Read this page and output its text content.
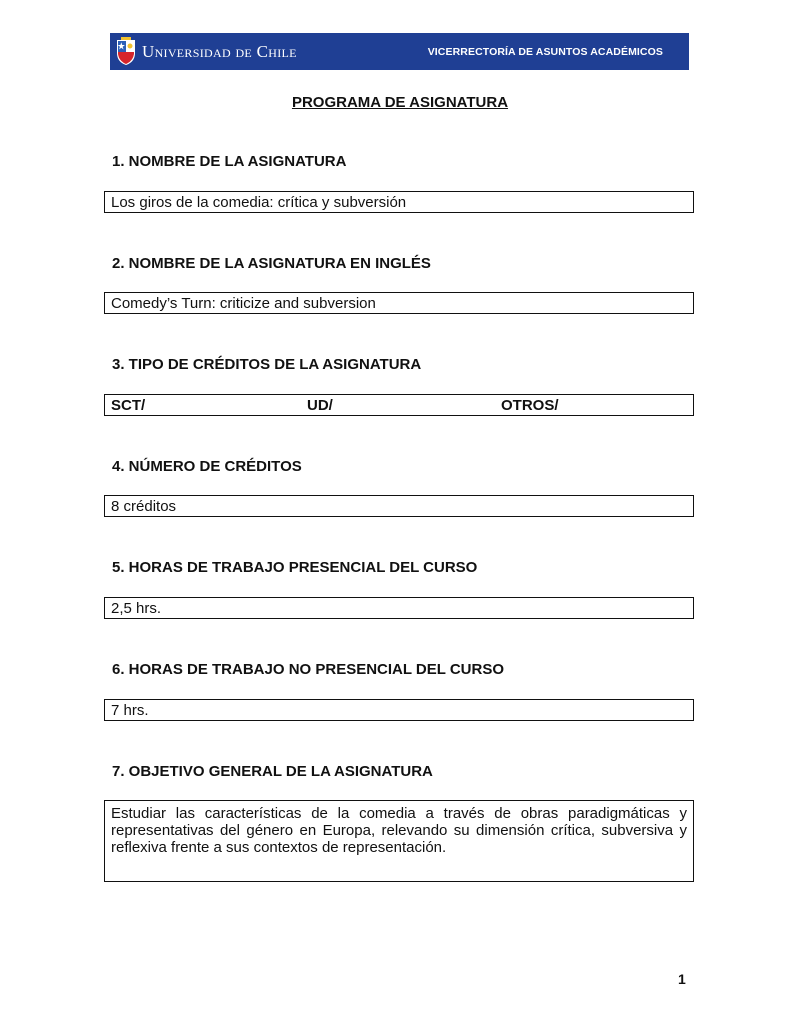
Universidad de Chile	VICERRECTORÍA DE ASUNTOS ACADÉMICOS
PROGRAMA DE ASIGNATURA
1. NOMBRE DE LA ASIGNATURA
Los giros de la comedia: crítica y subversión
2. NOMBRE DE LA ASIGNATURA EN INGLÉS
Comedy’s Turn: criticize and subversion
3. TIPO DE CRÉDITOS DE LA ASIGNATURA
SCT/	UD/	OTROS/
4. NÚMERO DE CRÉDITOS
8 créditos
5. HORAS DE TRABAJO PRESENCIAL DEL CURSO
2,5 hrs.
6. HORAS DE TRABAJO NO PRESENCIAL DEL CURSO
7 hrs.
7. OBJETIVO GENERAL DE LA ASIGNATURA
Estudiar las características de la comedia a través de obras paradigmáticas y representativas del género en Europa, relevando su dimensión crítica, subversiva y reflexiva frente a sus contextos de representación.
1
